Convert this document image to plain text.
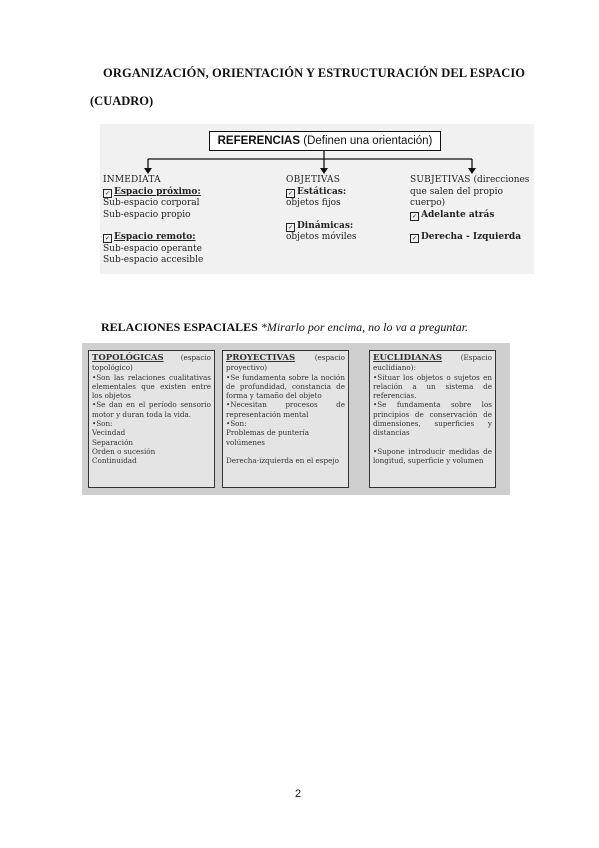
ORGANIZACIÓN, ORIENTACIÓN Y ESTRUCTURACIÓN DEL ESPACIO
(CUADRO)
REFERENCIAS (Definen una orientación)
INMEDIATA
✓ Espacio próximo:
Sub-espacio corporal
Sub-espacio propio
✓ Espacio remoto:
Sub-espacio operante
Sub-espacio accesible
OBJETIVAS
✓ Estáticas:
objetos fijos
✓ Dinámicas:
objetos móviles
SUBJETIVAS (direcciones
que salen del propio cuerpo)
✓ Adelante atrás
✓ Derecha - Izquierda
RELACIONES ESPACIALES *Mirarlo por encima, no lo va a preguntar.

TOPOLÓGICAS (espacio topológico)

•Son las relaciones cualitativas elementales que existen entre los objetos

•Se dan en el período sensorio motor y duran toda la vida.

•Son:

Vecindad

Separación

Orden o sucesión

Continuidad

PROYECTIVAS	(espacio proyectivo)

•Se fundamenta sobre la noción de profundidad, constancia de forma y tamaño del objeto

•Necesitan procesos de representación mental

•Son:

Problemas de puntería

volúmenes

Derecha-izquierda en el espejo

EUCLIDIANAS	(Espacio euclidiano):

•Situar los objetos o sujetos en relación a un sistema de referencias.

•Se fundamenta sobre los principios de conservación de dimensiones, superficies y distancias

•Supone introducir medidas de longitud, superficie y volumen

2
